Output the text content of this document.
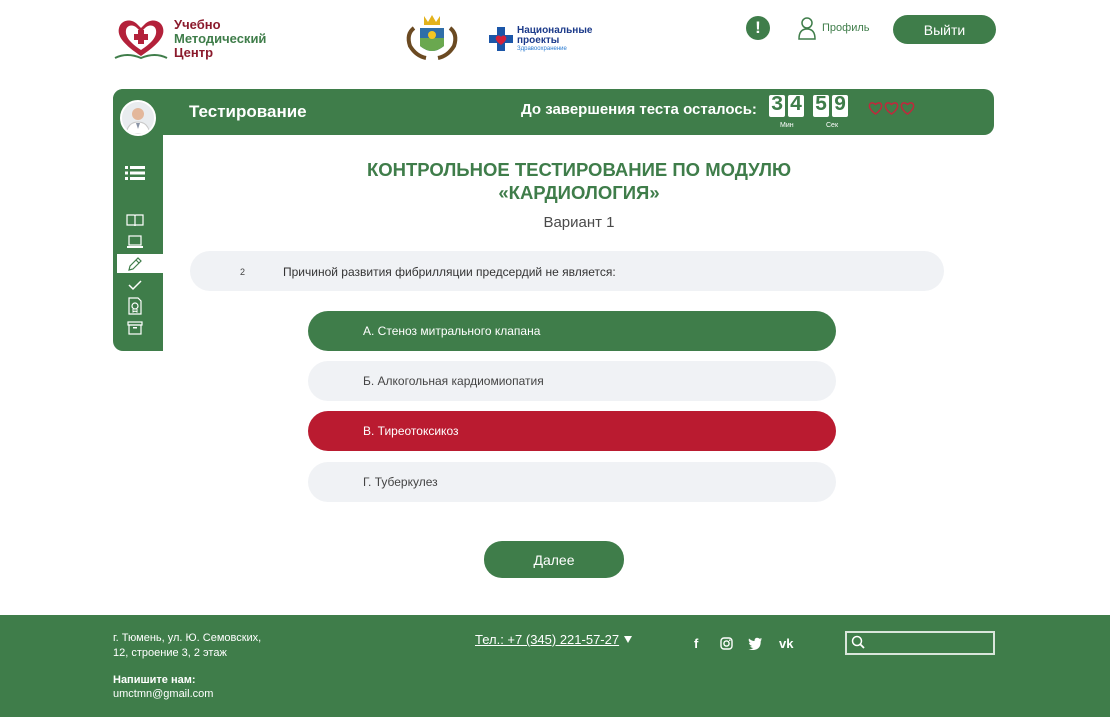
Учебно
Методический
Центр
Национальные
проекты
Здравоохранение
!	Профиль	Выйти
Тестирование	До завершения теста осталось: 3 4 5 9
Мин	Сек
КОНТРОЛЬНОЕ ТЕСТИРОВАНИЕ ПО МОДУЛЮ
«КАРДИОЛОГИЯ»
Вариант 1
2	Причиной развития фибрилляции предсердий не является:
А. Стеноз митрального клапана
Б. Алкогольная кардиомиопатия
В. Тиреотоксикоз
Г. Туберкулез
Далее
г. Тюмень, ул. Ю. Семовских,
12, строение 3, 2 этаж
Напишите нам:
umctmn@gmail.com
Тел.: +7 (345) 221-57-27	f	vk
